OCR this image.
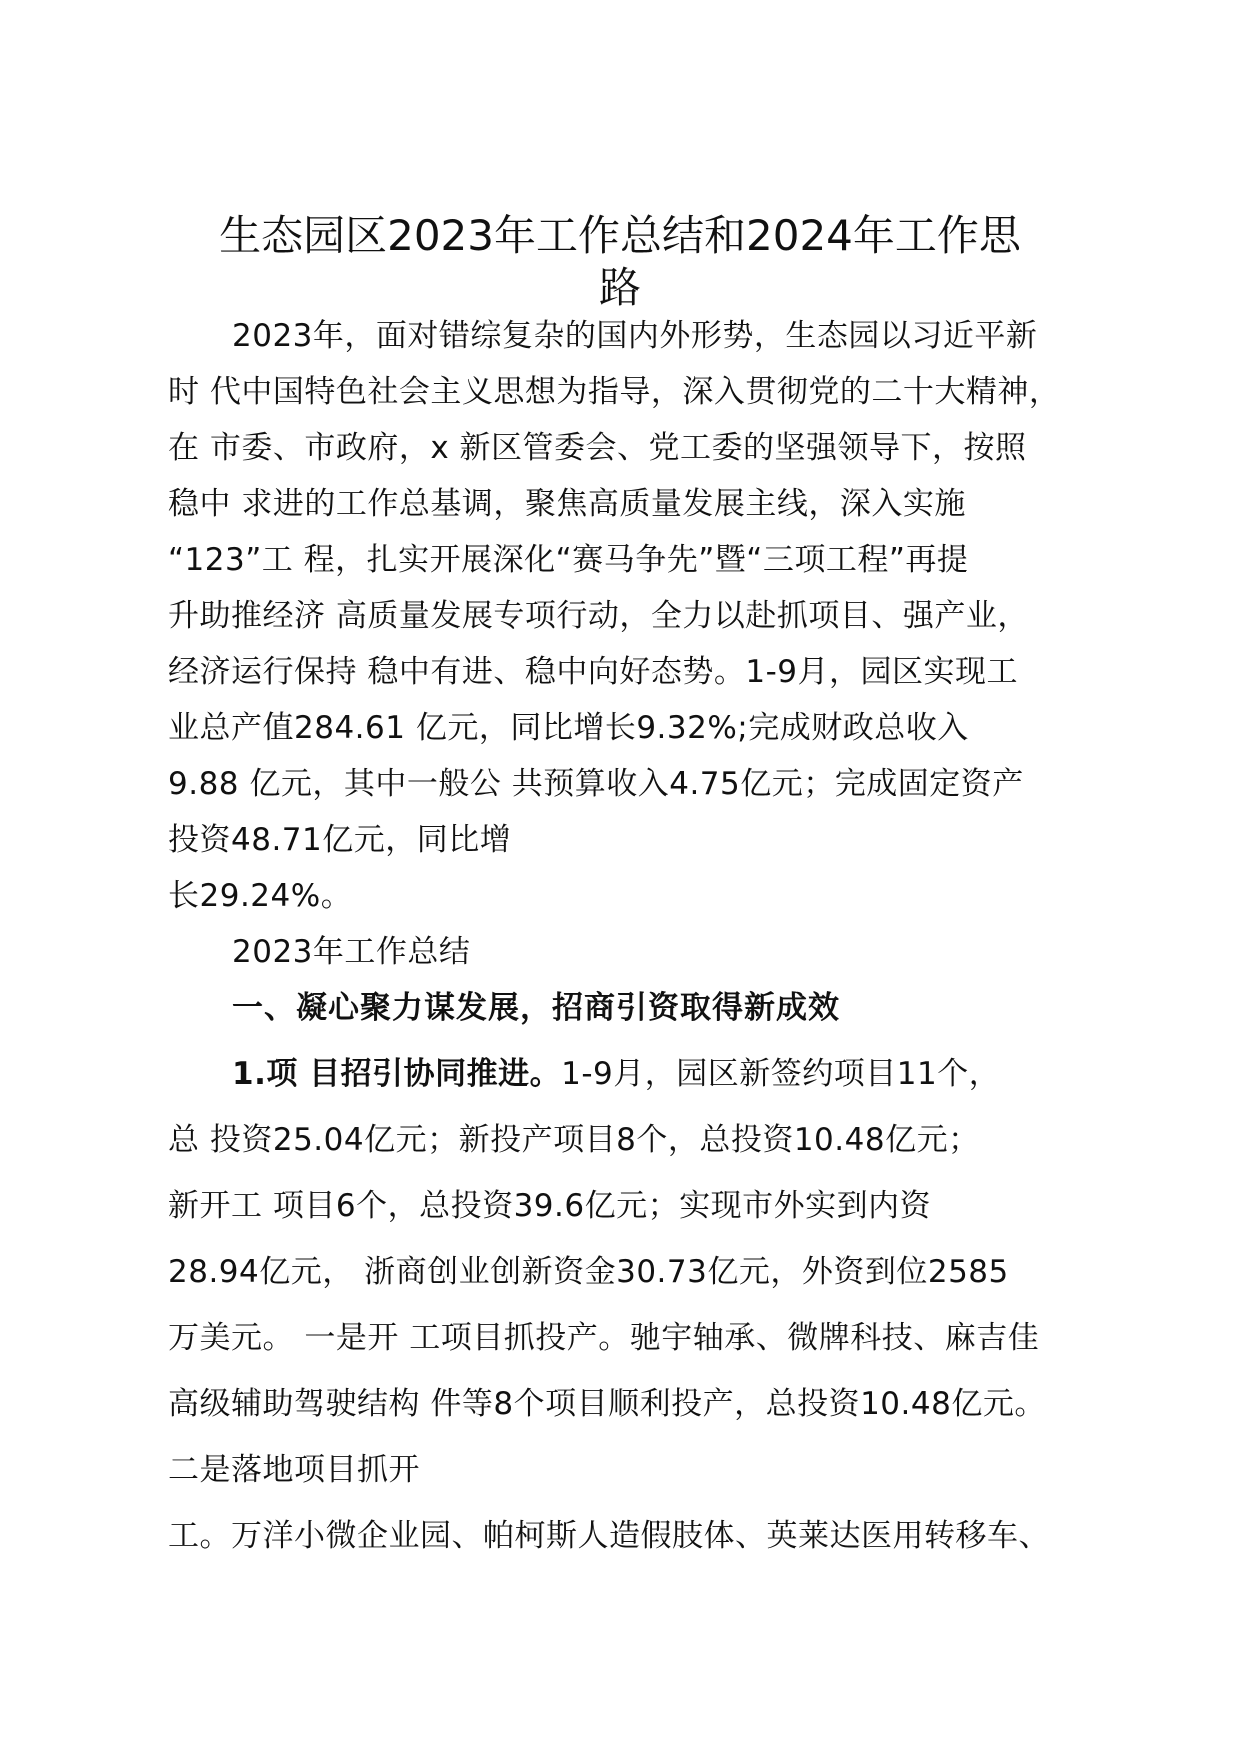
生态园区2023年工作总结和2024年工作思
路
2023年，面对错综复杂的国内外形势，生态园以习近平新
时 代中国特色社会主义思想为指导，深入贯彻党的二十大精神，
在 市委、市政府，x 新区管委会、党工委的坚强领导下，按照
稳中 求进的工作总基调，聚焦高质量发展主线，深入实施
“123”工 程，扎实开展深化“赛马争先”暨“三项工程”再提
升助推经济 高质量发展专项行动，全力以赴抓项目、强产业，
经济运行保持 稳中有进、稳中向好态势。1-9月，园区实现工
业总产值284.61 亿元，同比增长9.32%;完成财政总收入
9.88 亿元，其中一般公 共预算收入4.75亿元；完成固定资产
投资48.71亿元，同比增
长29.24%。
2023年工作总结
一、凝心聚力谋发展，招商引资取得新成效
1.项 目招引协同推进。1-9月，园区新签约项目11个，
总 投资25.04亿元；新投产项目8个，总投资10.48亿元；
新开工 项目6个，总投资39.6亿元；实现市外实到内资
28.94亿元， 浙商创业创新资金30.73亿元，外资到位2585
万美元。 一是开 工项目抓投产。驰宇轴承、微牌科技、麻吉佳
高级辅助驾驶结构 件等8个项目顺利投产，总投资10.48亿元。
二是落地项目抓开
工。万洋小微企业园、帕柯斯人造假肢体、英莱达医用转移车、
